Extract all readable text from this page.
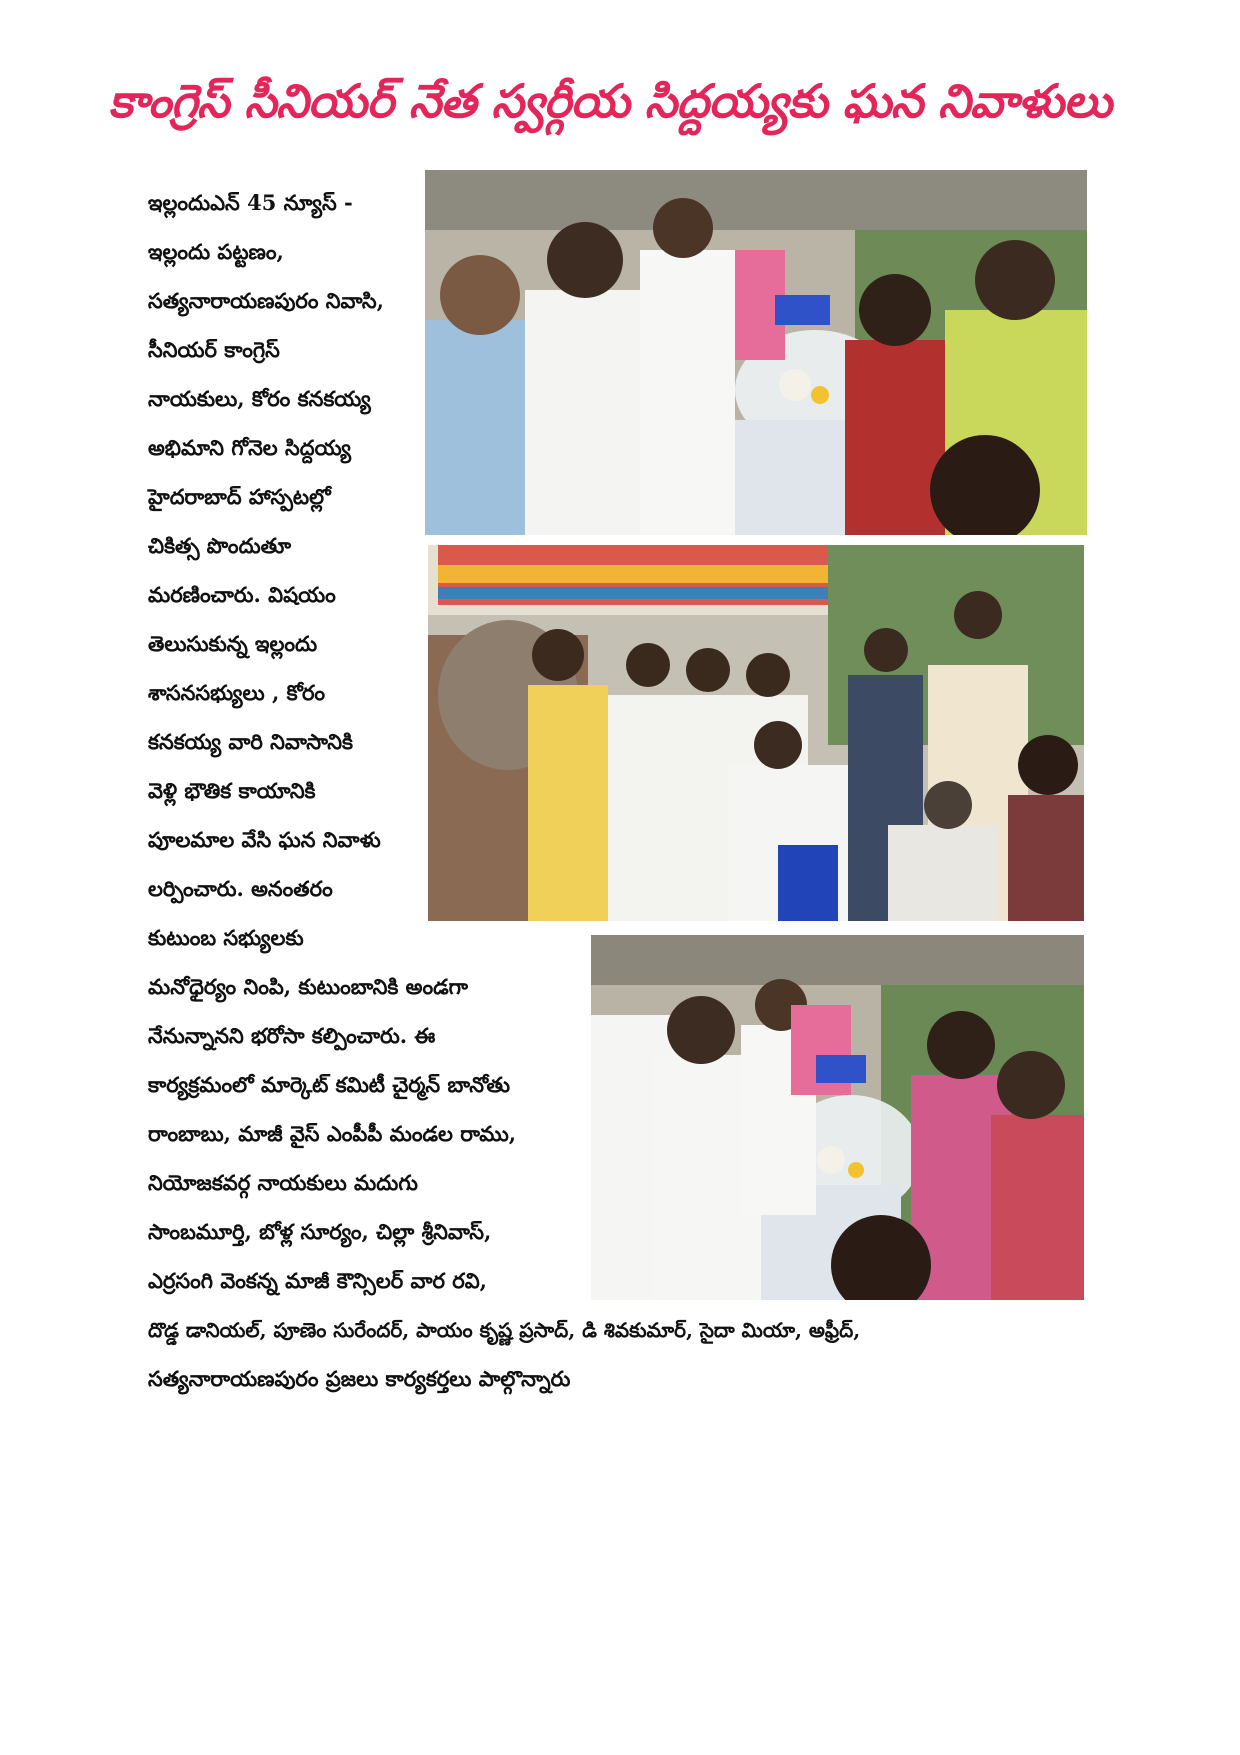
కాంగ్రెస్ సీనియర్ నేత స్వర్గీయ సిద్దయ్యకు ఘన నివాళులు
ఇల్లందుఎన్ 45 న్యూస్ -
ఇల్లందు పట్టణం,
సత్యనారాయణపురం నివాసి,
సీనియర్ కాంగ్రెస్
నాయకులు, కోరం కనకయ్య
అభిమాని గోనెల సిద్దయ్య
హైదరాబాద్ హాస్పటల్లో
చికిత్స పొందుతూ
మరణించారు. విషయం
తెలుసుకున్న ఇల్లందు
శాసనసభ్యులు , కోరం
కనకయ్య వారి నివాసానికి
వెళ్లి భౌతిక కాయానికి
పూలమాల వేసి ఘన నివాళు
లర్పించారు. అనంతరం
కుటుంబ సభ్యులకు
మనోధైర్యం నింపి, కుటుంబానికి అండగా
నేనున్నానని భరోసా కల్పించారు. ఈ
కార్యక్రమంలో మార్కెట్ కమిటీ చైర్మన్ బానోతు
రాంబాబు, మాజీ వైస్ ఎంపీపీ మండల రాము,
నియోజకవర్గ నాయకులు మదుగు
సాంబమూర్తి, బోళ్ల సూర్యం, చిల్లా శ్రీనివాస్,
ఎర్రసంగి వెంకన్న మాజీ కౌన్సిలర్ వార రవి,
దొడ్డ డానియల్, పూణెం సురేందర్, పాయం కృష్ణ ప్రసాద్, డి శివకుమార్, సైదా మియా, అఫ్రీద్,
సత్యనారాయణపురం ప్రజలు కార్యకర్తలు పాల్గొన్నారు
